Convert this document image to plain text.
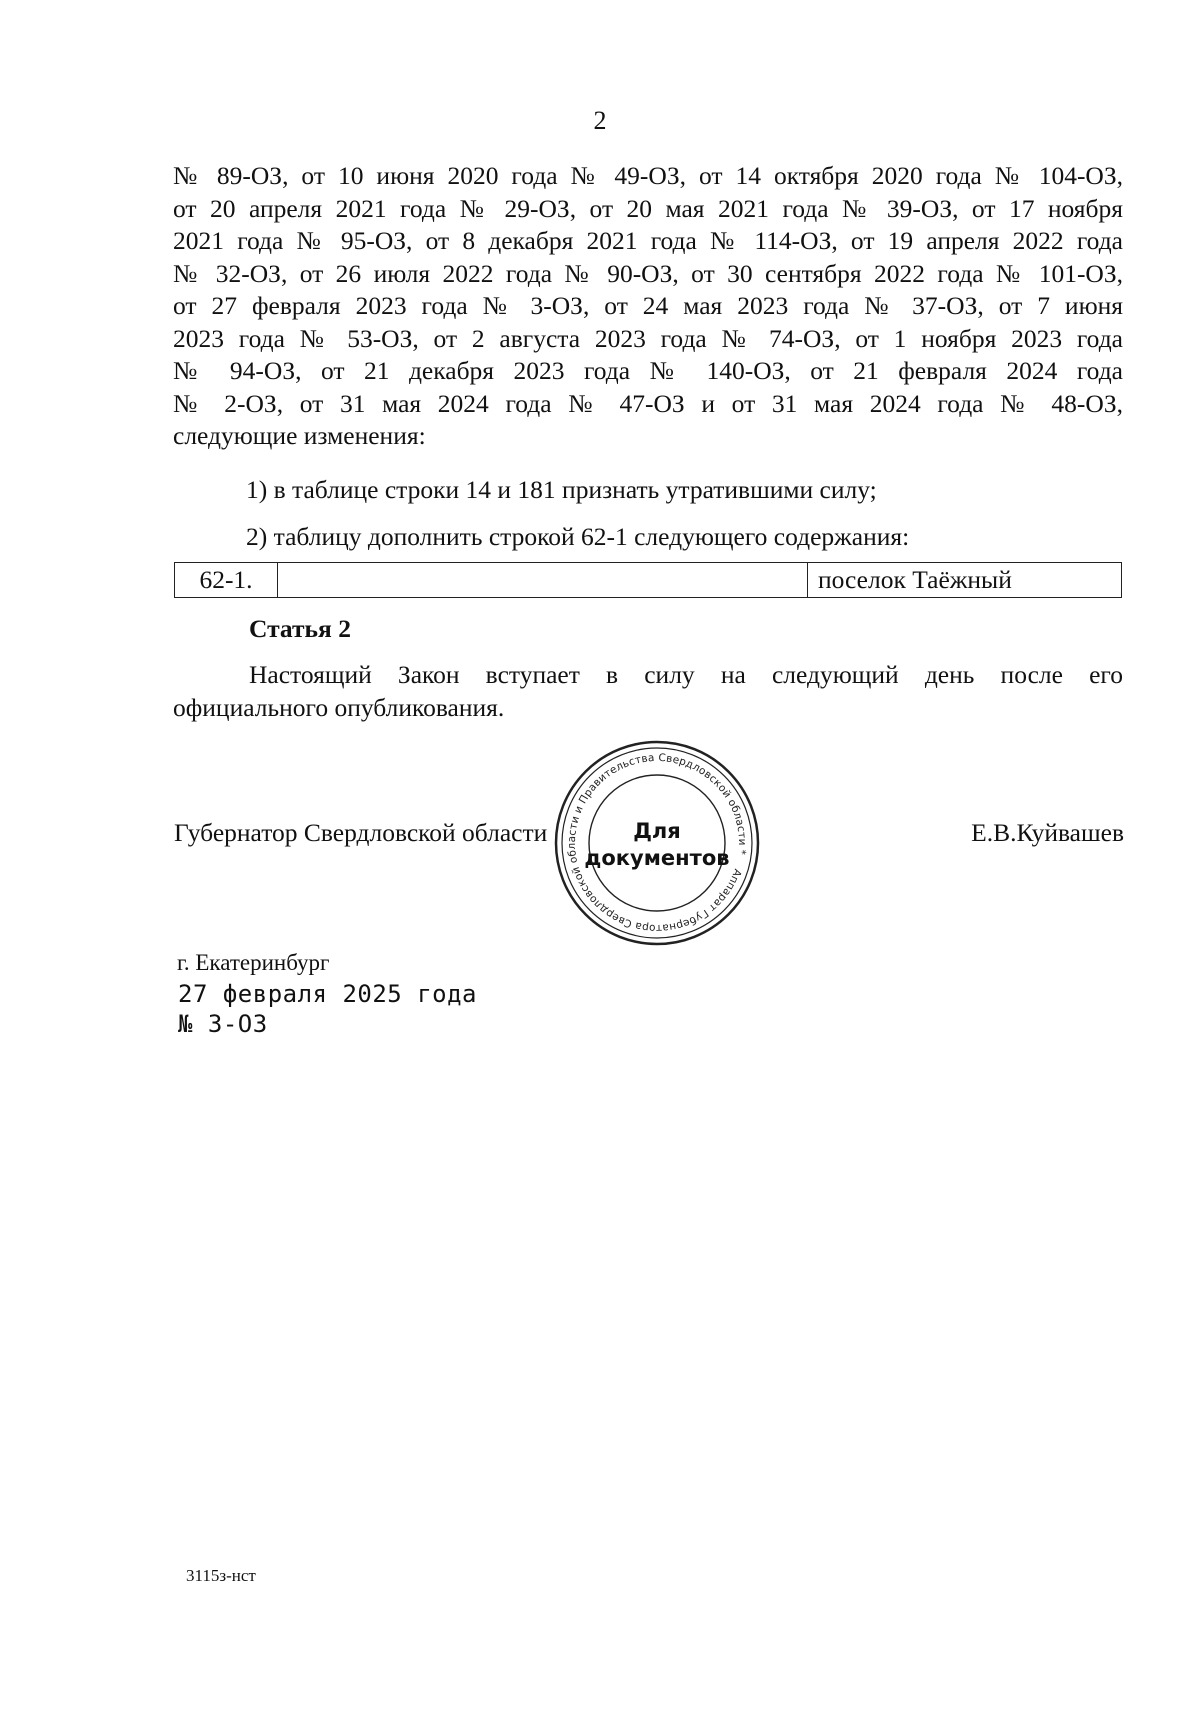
2
№ 89-ОЗ, от 10 июня 2020 года № 49-ОЗ, от 14 октября 2020 года № 104-ОЗ,
от 20 апреля 2021 года № 29-ОЗ, от 20 мая 2021 года № 39-ОЗ, от 17 ноября
2021 года № 95-ОЗ, от 8 декабря 2021 года № 114-ОЗ, от 19 апреля 2022 года
№ 32-ОЗ, от 26 июля 2022 года № 90-ОЗ, от 30 сентября 2022 года № 101-ОЗ,
от 27 февраля 2023 года № 3-ОЗ, от 24 мая 2023 года № 37-ОЗ, от 7 июня
2023 года № 53-ОЗ, от 2 августа 2023 года № 74-ОЗ, от 1 ноября 2023 года
№ 94-ОЗ, от 21 декабря 2023 года № 140-ОЗ, от 21 февраля 2024 года
№ 2-ОЗ, от 31 мая 2024 года № 47-ОЗ и от 31 мая 2024 года № 48-ОЗ,
следующие изменения:
1) в таблице строки 14 и 181 признать утратившими силу;
2) таблицу дополнить строкой 62-1 следующего содержания:
62-1.	поселок Таёжный
Статья 2
Настоящий Закон вступает в силу на следующий день после его
официального опубликования.
Губернатор Свердловской области	Е.В.Куйвашев
Аппарат Губернатора Свердловской области и Правительства Свердловской области *
Для
документов
г. Екатеринбург
27 февраля 2025 года
№ 3-ОЗ
3115з-нст
